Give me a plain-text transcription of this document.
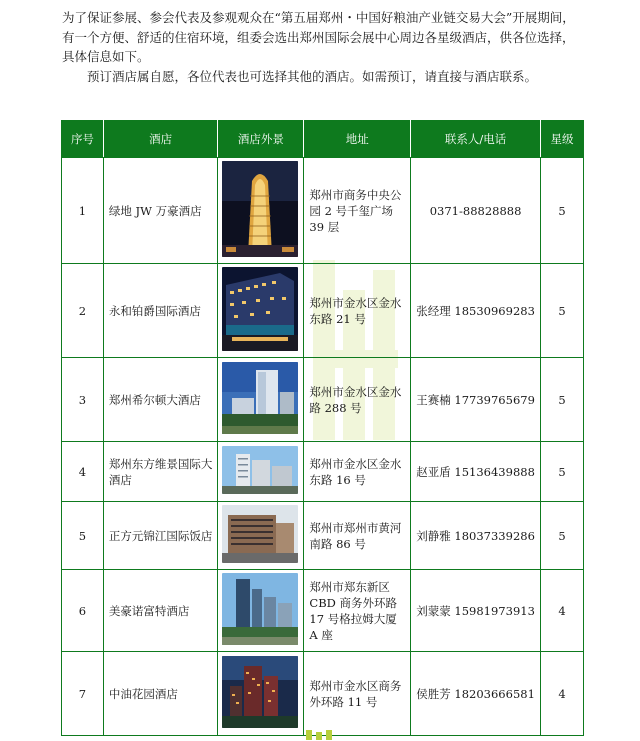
为了保证参展、参会代表及参观观众在“第五届郑州・中国好粮油产业链交易大会”开展期间，有一个方便、舒适的住宿环境，组委会选出郑州国际会展中心周边各星级酒店，供各位选择，具体信息如下。

预订酒店属自愿，各位代表也可选择其他的酒店。如需预订，请直接与酒店联系。

序号	酒店	酒店外景	地址	联系人/电话	星级
1	绿地 JW 万豪酒店		郑州市商务中央公园 2 号千玺广场 39 层	0371-88828888	5
2	永和铂爵国际酒店		郑州市金水区金水东路 21 号	张经理 18530969283	5
3	郑州希尔顿大酒店		郑州市金水区金水路 288 号	王赛楠 17739765679	5
4	郑州东方维景国际大酒店		郑州市金水区金水东路 16 号	赵亚盾 15136439888	5
5	正方元锦江国际饭店		郑州市郑州市黄河南路 86 号	刘静雅 18037339286	5
6	美豪诺富特酒店		郑州市郑东新区CBD 商务外环路17 号格拉姆大厦 A 座	刘蒙蒙 15981973913	4
7	中油花园酒店		郑州市金水区商务外环路 11 号	侯胜芳 18203666581	4
